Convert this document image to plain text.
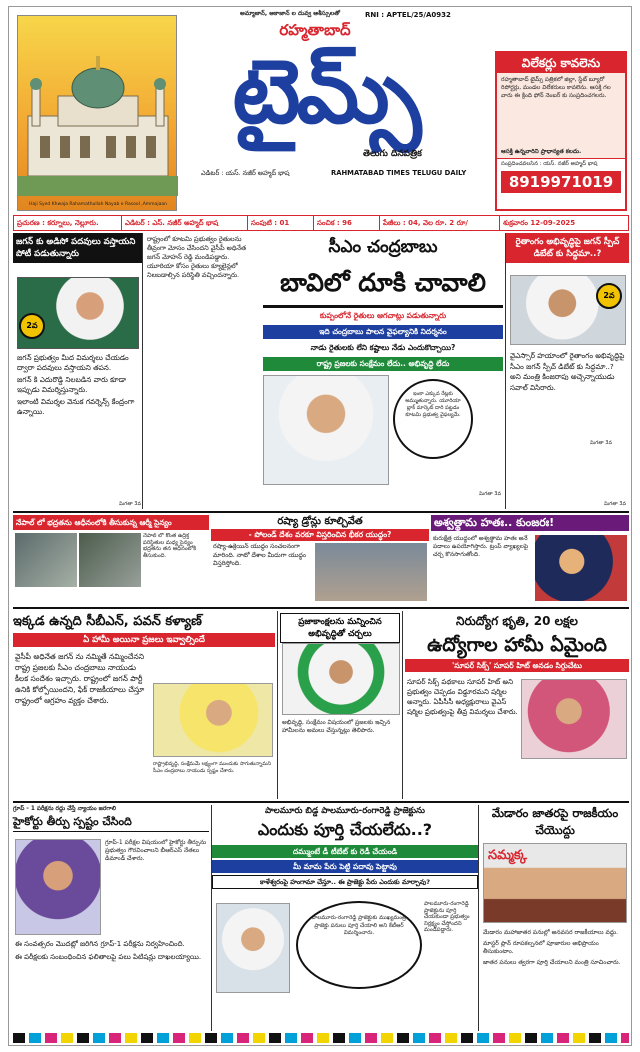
Haji Syed Khwaja Rahamathullah Nayab e Rasool ,Ammajaan
అమ్మాజాన్, అకాజాన్ ల దువ్వ ఆశీస్సులతో	RNI : APTEL/25/A0932
రహ్మతాబాద్
టైమ్స్
తెలుగు దినపత్రిక
ఎడిటర్ : యస్. నజీర్ అహ్మద్ భాష	RAHMATABAD TIMES TELUGU DAILY
విలేకర్లు కావలెను
రహ్మతాబాద్ టైమ్స్ పత్రికలో జిల్లా, స్టేట్ బ్యూరో రిపోర్టర్లు, మండల విలేకరులు కావలెను. ఆసక్తి గల వారు ఈ క్రింది ఫోన్ నెంబర్ కు సంప్రదించగలరు.
ఆసక్తి ఉన్నవారిని ప్రాధాన్యత కలదు.
సంప్రదించవలసిన : యస్. నజీర్ అహ్మద్ భాష
8919971019
ప్రచురణ : కర్నూలు, నెల్లూరు.	ఎడిటర్ : ఎస్. నజీర్ అహ్మద్ భాష	సంపుటి : 01	సంచిక : 96	పేజీలు : 04, వెల రూ. 2 రూ/	శుక్రవారం 12-09-2025
జగన్ కు అడిసో పదవులు వస్తాయని పోటీ పడుతున్నారు
2వ
జగన్ ప్రభుత్వం మీద విమర్శలు చేయడం ద్వారా పదవులు వస్తాయని తపన.
జగన్ కి ఎదురొడ్డి నిలబడిన వారు కూడా ఇప్పుడు విమర్శిస్తున్నారు.
ఇలాంటి విమర్శల వెనుక గవర్నెన్స్ కేంద్రంగా ఉన్నాయి.
మిగతా 3వ
రాష్ట్రంలో కూటమి ప్రభుత్వం రైతులను తీవ్రంగా మోసం చేసిందని వైసీపీ అధినేత జగన్ మోహన్ రెడ్డి మండిపడ్డారు. యూరియా కోసం రైతులు క్యూలైన్లలో నిలబడాల్సిన పరిస్థితి వచ్చిందన్నారు.
సీఎం చంద్రబాబు
బావిలో దూకి చావాలి
కుప్పంలోనే రైతులు ఆగచాట్లు పడుతున్నారు
ఇది చంద్రబాబు పాలన వైఫల్యానికి నిదర్శనం
నాడు రైతులకు లేని కష్టాలు నేడు ఎందుకొచ్చాయి?
రాష్ట్ర ప్రజలకు సంక్షేమం లేదు.. అభివృద్ధి లేదు
ఇంకా ఎక్కువ రేట్లకు అమ్ముతున్నారు. యూరియా బ్లాక్ మార్కెట్ దారి పట్టడం కూటమి ప్రభుత్వ వైఫల్యమే.
మిగతా 3వ
రైతాంగం అభివృద్ధిపై జగన్ స్పీచ్ డిబేట్ కు సిద్ధమా..?
2వ
వైఎస్సార్ హయాంలో రైతాంగం అభివృద్ధిపై సీఎం జగన్ స్పీచ్ డిబేట్ కు సిద్ధమా..? అని మంత్రి కింజరాపు అచ్చెన్నాయుడు సవాల్ విసిరారు.
మిగతా 3వ
నేపాల్ లో భద్రతను ఆధీనంలోకి తీసుకున్న ఆర్మీ సైన్యం
నేపాల్ లో కొంత ఉద్రిక్త పరిస్థితుల మధ్య సైన్యం భద్రతను తన ఆధీనంలోకి తీసుకుంది.
రష్యా డ్రోన్లు కూల్చివేత
- పోలండ్ దేశం వరకూ విస్తరించిన భీకర యుద్ధం?
రష్యా-ఉక్రెయిన్ యుద్ధం సంచలనంగా మారింది. నాటో దేశాల మీదుగా యుద్ధం విస్తరిస్తోంది.
అశ్వత్థామ హతః.. కుంజరః!
కురుక్షేత్ర యుద్ధంలో అశ్వత్థామ హతః అనే పదాలు ఉపయోగిస్తారు. ట్రంప్ వ్యాఖ్యలపై చర్చ కొనసాగుతోంది.
ఇక్కడ ఉన్నది సీబీఎన్, పవన్ కళ్యాణ్
ఏ హామీ అయినా ప్రజలు ఇవ్వాల్సిందే
వైసీపీ అధినేత జగన్ ను నమ్మితే నమ్మించేనని రాష్ట్ర ప్రజలకు సీఎం చంద్రబాబు నాయుడు కీలక సందేశం ఇచ్చారు. రాష్ట్రంలో జగన్ పార్టీ ఉనికి కోల్పోయిందని, ఫేక్ రాజకీయాలు చేస్తూ రాష్ట్రంలో ఆగ్రహం వ్యక్తం చేశారు.
రాష్ట్రాభివృద్ధి, సంక్షేమమే లక్ష్యంగా ముందుకు సాగుతున్నామని సీఎం చంద్రబాబు నాయుడు స్పష్టం చేశారు.
ప్రజాకాంక్షలను మన్నించిన అభివృద్ధితో చర్చలు
అభివృద్ధి, సంక్షేమం విషయంలో ప్రజలకు ఇచ్చిన హామీలను అమలు చేస్తున్నట్లు తెలిపారు.
నిరుద్యోగ భృతి, 20 లక్షల
ఉద్యోగాల హామీ ఏమైంది
'సూపర్ సిక్స్' సూపర్ హిట్ అనడం సిగ్గుచేటు
సూపర్ సిక్స్ పథకాలు సూపర్ హిట్ అని ప్రభుత్వం చెప్పడం విడ్డూరమని షర్మిల అన్నారు. ఏపీసీసీ అధ్యక్షురాలు వైఎస్ షర్మిల ప్రభుత్వంపై తీవ్ర విమర్శలు చేశారు.
గ్రూప్ - 1 పరీక్షను రద్దు చేస్తే న్యాయం జరగాలి
హైకోర్టు తీర్పు స్పష్టం చేసింది
గ్రూప్-1 పరీక్షల విషయంలో హైకోర్టు తీర్పును ప్రభుత్వం గౌరవించాలని బీఆర్ఎస్ నేతలు డిమాండ్ చేశారు.
ఈ సంవత్సరం మొదట్లో జరిగిన గ్రూప్-1 పరీక్షను నిర్వహించింది.
ఈ పరీక్షలకు సంబంధించిన ఫలితాలపై పలు పిటిషన్లు దాఖలయ్యాయి.
పాలమూరు బిడ్డ పాలమూరు-రంగారెడ్డి ప్రాజెక్టును
ఎందుకు పూర్తి చేయలేదు..?
దమ్ముంటే డీ టీబేట్ కు రెడీ చేయండి
మీ మామ పేరు పెట్టి పదావు పెట్టావు
కాళేశ్వరంపై హంగామా చేస్తూ.. ఈ ప్రాజెక్టు పేరు ఎందుకు మార్చావు?
పాలమూరు-రంగారెడ్డి ప్రాజెక్టుకు ముఖ్యమంత్రి ప్రాజెక్టు పనులు పూర్తి చేయాలి అని కేటీఆర్ విమర్శించారు.
పాలమూరు-రంగారెడ్డి ప్రాజెక్టును పూర్తి చేయకుండా ప్రభుత్వం నిర్లక్ష్యం చేస్తోందని మండిపడ్డారు.
మేడారం జాతరపై రాజకీయం చేయొద్దు
సమ్మక్క
మేడారం మహాజాతర పనుల్లో అనవసర రాజకీయాలు వద్దు.
మాస్టర్ ప్లాన్ రూపకల్పనలో పూజారుల అభిప్రాయం తీసుకుంటాం.
జాతర పనులు త్వరగా పూర్తి చేయాలని మంత్రి సూచించారు.
మిగతా 3వ
